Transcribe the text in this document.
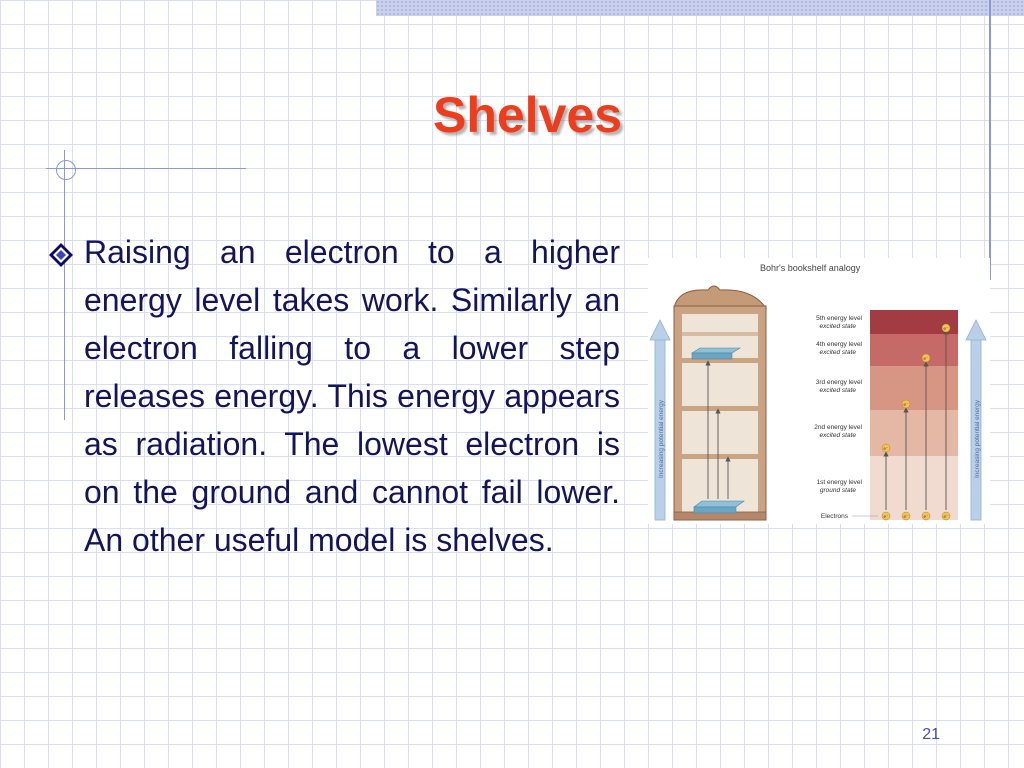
Shelves
Raising an electron to a higher energy level takes work. Similarly an electron falling to a lower step releases energy. This energy appears as radiation. The lowest electron is on the ground and cannot fail lower. An other useful model is shelves.
Bohr's bookshelf analogy
Increasing potential energy
5th energy level
excited state
4th energy level
excited state
3rd energy level
excited state
2nd energy level
excited state
1st energy level
ground state
Electrons	e⁻	e⁻	e⁻	e⁻
e⁻
e⁻
e⁻
e⁻
Increasing potential energy
21
